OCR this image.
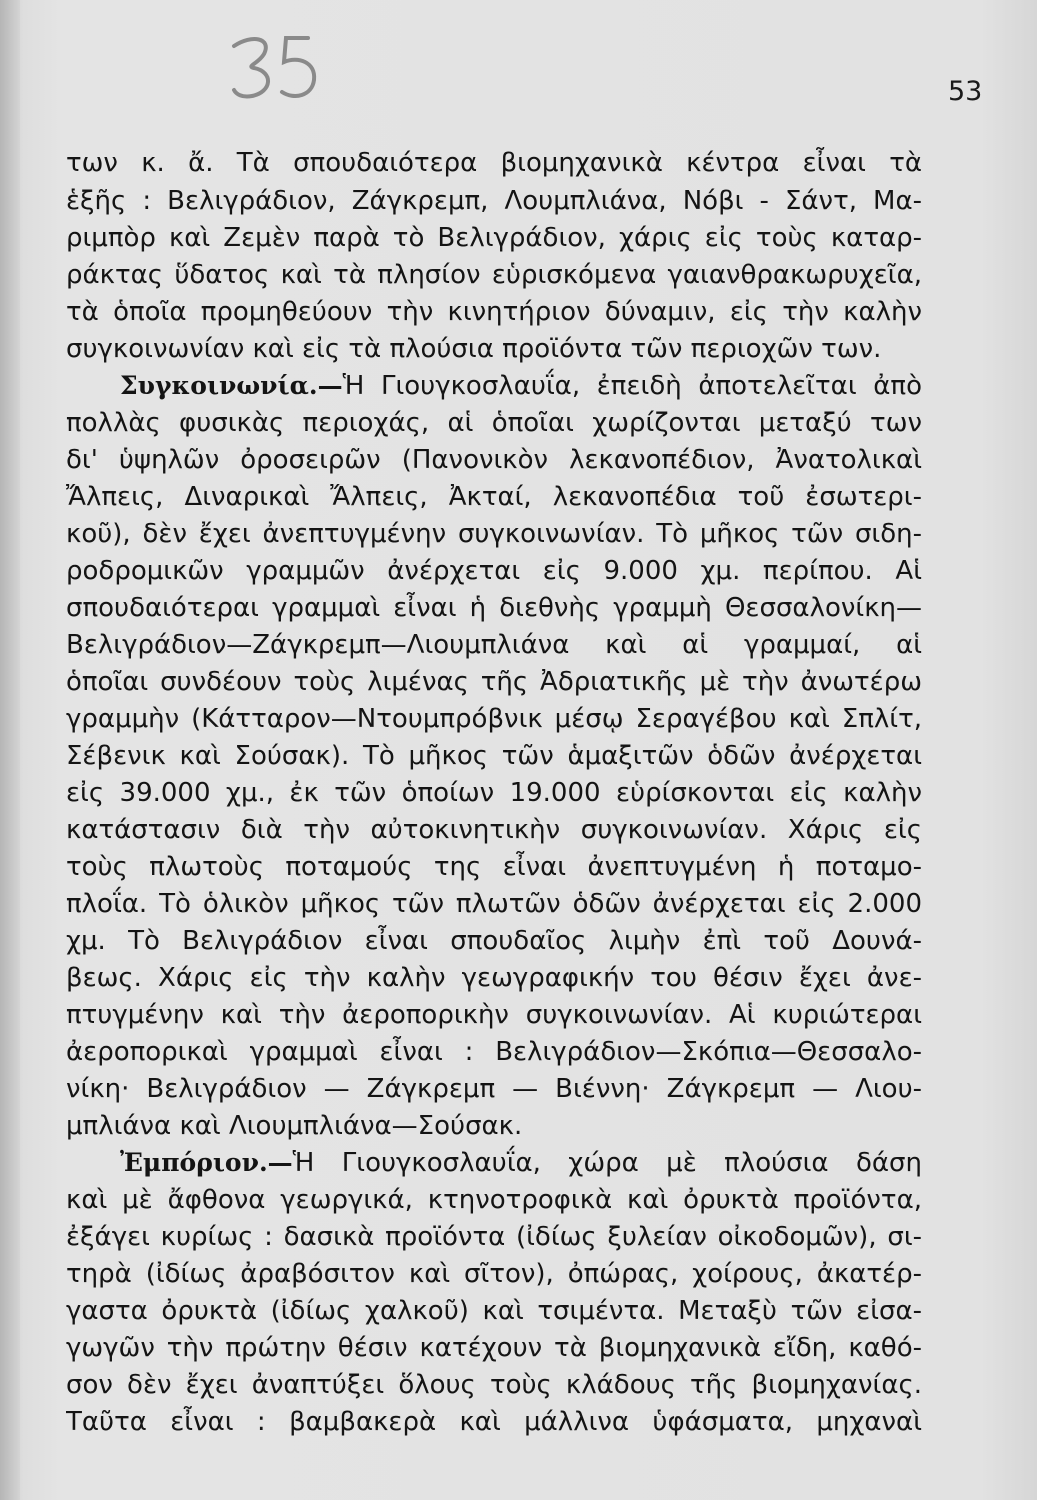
53
των κ. ἄ. Τὰ σπουδαιότερα βιομηχανικὰ κέντρα εἶναι τὰ
ἑξῆς : Βελιγράδιον, Ζάγκρεμπ, Λουμπλιάνα, Νόβι - Σάντ, Μα-
ριμπὸρ καὶ Ζεμὲν παρὰ τὸ Βελιγράδιον, χάρις εἰς τοὺς καταρ-
ράκτας ὕδατος καὶ τὰ πλησίον εὑρισκόμενα γαιανθρακωρυχεῖα,
τὰ ὁποῖα προμηθεύουν τὴν κινητήριον δύναμιν, εἰς τὴν καλὴν
συγκοινωνίαν καὶ εἰς τὰ πλούσια προϊόντα τῶν περιοχῶν των.
Συγκοινωνία.—Ἡ Γιουγκοσλαυΐα, ἐπειδὴ ἀποτελεῖται ἀπὸ
πολλὰς φυσικὰς περιοχάς, αἱ ὁποῖαι χωρίζονται μεταξύ των
δι' ὑψηλῶν ὀροσειρῶν (Πανονικὸν λεκανοπέδιον, Ἀνατολικαὶ
Ἄλπεις, Διναρικαὶ Ἄλπεις, Ἀκταί, λεκανοπέδια τοῦ ἐσωτερι-
κοῦ), δὲν ἔχει ἀνεπτυγμένην συγκοινωνίαν. Τὸ μῆκος τῶν σιδη-
ροδρομικῶν γραμμῶν ἀνέρχεται εἰς 9.000 χμ. περίπου. Αἱ
σπουδαιότεραι γραμμαὶ εἶναι ἡ διεθνὴς γραμμὴ Θεσσαλονίκη—
Βελιγράδιον—Ζάγκρεμπ—Λιουμπλιάνα καὶ αἱ γραμμαί, αἱ
ὁποῖαι συνδέουν τοὺς λιμένας τῆς Ἀδριατικῆς μὲ τὴν ἀνωτέρω
γραμμὴν (Κάτταρον—Ντουμπρόβνικ μέσῳ Σεραγέβου καὶ Σπλίτ,
Σέβενικ καὶ Σούσακ). Τὸ μῆκος τῶν ἁμαξιτῶν ὁδῶν ἀνέρχεται
εἰς 39.000 χμ., ἐκ τῶν ὁποίων 19.000 εὑρίσκονται εἰς καλὴν
κατάστασιν διὰ τὴν αὐτοκινητικὴν συγκοινωνίαν. Χάρις εἰς
τοὺς πλωτοὺς ποταμούς της εἶναι ἀνεπτυγμένη ἡ ποταμο-
πλοΐα. Τὸ ὁλικὸν μῆκος τῶν πλωτῶν ὁδῶν ἀνέρχεται εἰς 2.000
χμ. Τὸ Βελιγράδιον εἶναι σπουδαῖος λιμὴν ἐπὶ τοῦ Δουνά-
βεως. Χάρις εἰς τὴν καλὴν γεωγραφικήν του θέσιν ἔχει ἀνε-
πτυγμένην καὶ τὴν ἀεροπορικὴν συγκοινωνίαν. Αἱ κυριώτεραι
ἀεροπορικαὶ γραμμαὶ εἶναι : Βελιγράδιον—Σκόπια—Θεσσαλο-
νίκη· Βελιγράδιον — Ζάγκρεμπ — Βιέννη· Ζάγκρεμπ — Λιου-
μπλιάνα καὶ Λιουμπλιάνα—Σούσακ.
Ἐμπόριον.—Ἡ Γιουγκοσλαυΐα, χώρα μὲ πλούσια δάση
καὶ μὲ ἄφθονα γεωργικά, κτηνοτροφικὰ καὶ ὀρυκτὰ προϊόντα,
ἐξάγει κυρίως : δασικὰ προϊόντα (ἰδίως ξυλείαν οἰκοδομῶν), σι-
τηρὰ (ἰδίως ἀραβόσιτον καὶ σῖτον), ὀπώρας, χοίρους, ἀκατέρ-
γαστα ὀρυκτὰ (ἰδίως χαλκοῦ) καὶ τσιμέντα. Μεταξὺ τῶν εἰσα-
γωγῶν τὴν πρώτην θέσιν κατέχουν τὰ βιομηχανικὰ εἴδη, καθό-
σον δὲν ἔχει ἀναπτύξει ὅλους τοὺς κλάδους τῆς βιομηχανίας.
Ταῦτα εἶναι : βαμβακερὰ καὶ μάλλινα ὑφάσματα, μηχαναὶ
